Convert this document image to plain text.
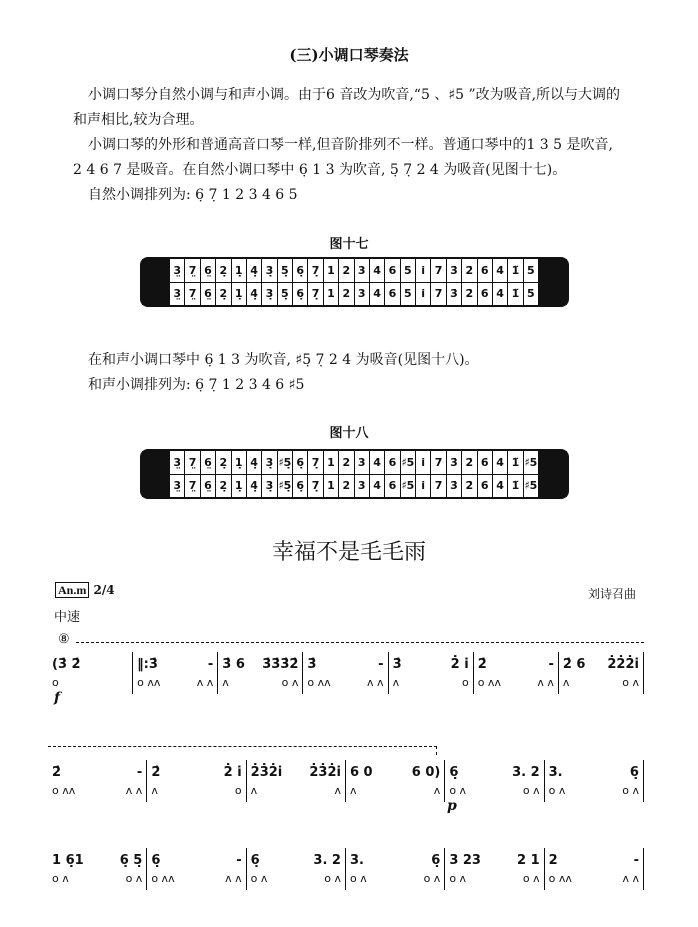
(三)小调口琴奏法

小调口琴分自然小调与和声小调。由于6 音改为吹音,“5 、♯5 ”改为吸音,所以与大调的

和声相比,较为合理。

小调口琴的外形和普通高音口琴一样,但音阶排列不一样。普通口琴中的1 3 5 是吹音,

2 4 6 7 是吸音。在自然小调口琴中 6̣ 1 3 为吹音, 5̣ 7̣ 2 4 为吸音(见图十七)。

自然小调排列为: 6̣ 7̣ 1 2 3 4 6 5

图十七
3̤ 7̤ 6̤ 2̣ 1̣ 4̣ 3̣ 5̣ 6̣ 7̣ 1 2 3 4 6 5 i̇ 7 3̇ 2̇ 6̇ 4̇ 1̈ 5̇
3̤ 7̤ 6̤ 2̣ 1̣ 4̣ 3̣ 5̣ 6̣ 7̣ 1 2 3 4 6 5 i̇ 7 3̇ 2̇ 6̇ 4̇ 1̈ 5̇

在和声小调口琴中 6̣ 1 3 为吹音, ♯5̣ 7̣ 2 4 为吸音(见图十八)。

和声小调排列为: 6̣ 7̣ 1 2 3 4 6 ♯5

图十八
3̤ 7̤ 6̤ 2̣ 1̣ 4̣ 3̣ ♯5̣ 6̣ 7̣ 1 2 3 4 6 ♯5 i̇ 7 3̇ 2̇ 6̇ 4̇ 1̈ ♯5̇
3̤ 7̤ 6̤ 2̣ 1̣ 4̣ 3̣ ♯5̣ 6̣ 7̣ 1 2 3 4 6 ♯5 i̇ 7 3̇ 2̇ 6̇ 4̇ 1̈ ♯5̇
幸福不是毛毛雨
An.m 2/4	刘诗召曲
中速
⑧
(3̇ 2̇
o
‖:3̇	-
o ʌʌ	ʌ ʌ
3̇ 6 3̇3̇3̇2̇
ʌ	o ʌ
3̇	-
o ʌʌ	ʌ ʌ
3̇	2̇ i̇
ʌ	o
2̇	-
o ʌʌ	ʌ ʌ
2̇ 6 2̇2̇2̇i̇
ʌ	o ʌ
2̇	-
o ʌʌ	ʌ ʌ
2̇	2̇ i̇
ʌ	o
2̇3̇2̇i̇ 2̇3̇2̇i̇
ʌ	ʌ
6 0	6 0)
ʌ	ʌ
6̣	3. 2
o ʌ	o ʌ
3.	6̣
o ʌ	o ʌ
1 6̣1	6̣ 5̣
o ʌ	o ʌ
6̣	-
o ʌʌ	ʌ ʌ
6̣	3. 2
o ʌ	o ʌ
3.	6̣
o ʌ	o ʌ
3 23	2 1
o ʌ	o ʌ
2	-
o ʌʌ	ʌ ʌ
f
p
